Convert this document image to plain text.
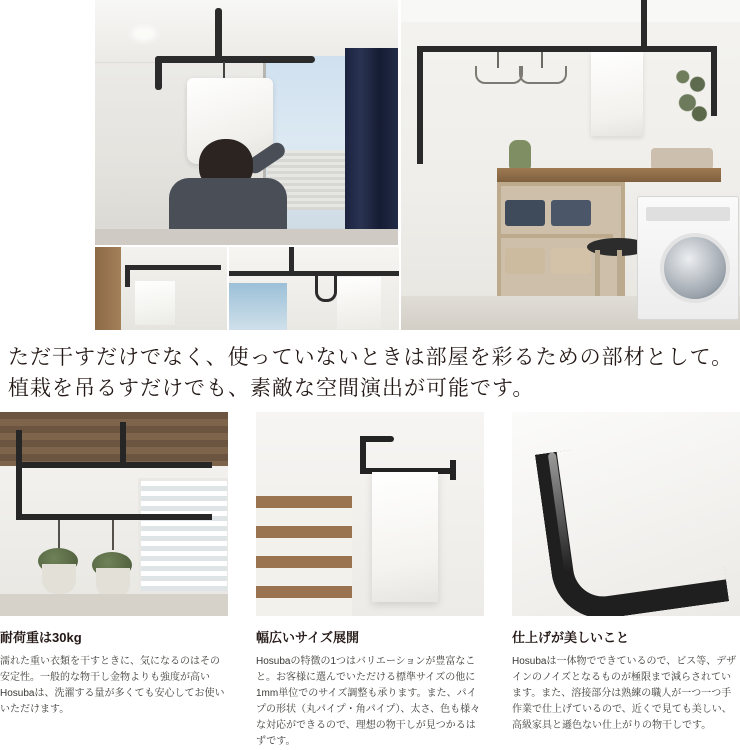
ただ干すだけでなく、使っていないときは部屋を彩るための部材として。
植栽を吊るすだけでも、素敵な空間演出が可能です。
耐荷重は30kg

濡れた重い衣類を干すときに、気になるのはその安定性。一般的な物干し金物よりも強度が高いHosubaは、洗濯する量が多くても安心してお使いいただけます。

幅広いサイズ展開

Hosubaの特徴の1つはバリエーションが豊富なこと。お客様に選んでいただける標準サイズの他に1mm単位でのサイズ調整も承ります。また、パイプの形状（丸パイプ・角パイプ）、太さ、色も様々な対応ができるので、理想の物干しが見つかるはずです。

仕上げが美しいこと

Hosubaは一体物でできているので、ビス等、デザインのノイズとなるものが極限まで減らされています。また、溶接部分は熟練の職人が一つ一つ手作業で仕上げているので、近くで見ても美しい、高級家具と遜色ない仕上がりの物干しです。
